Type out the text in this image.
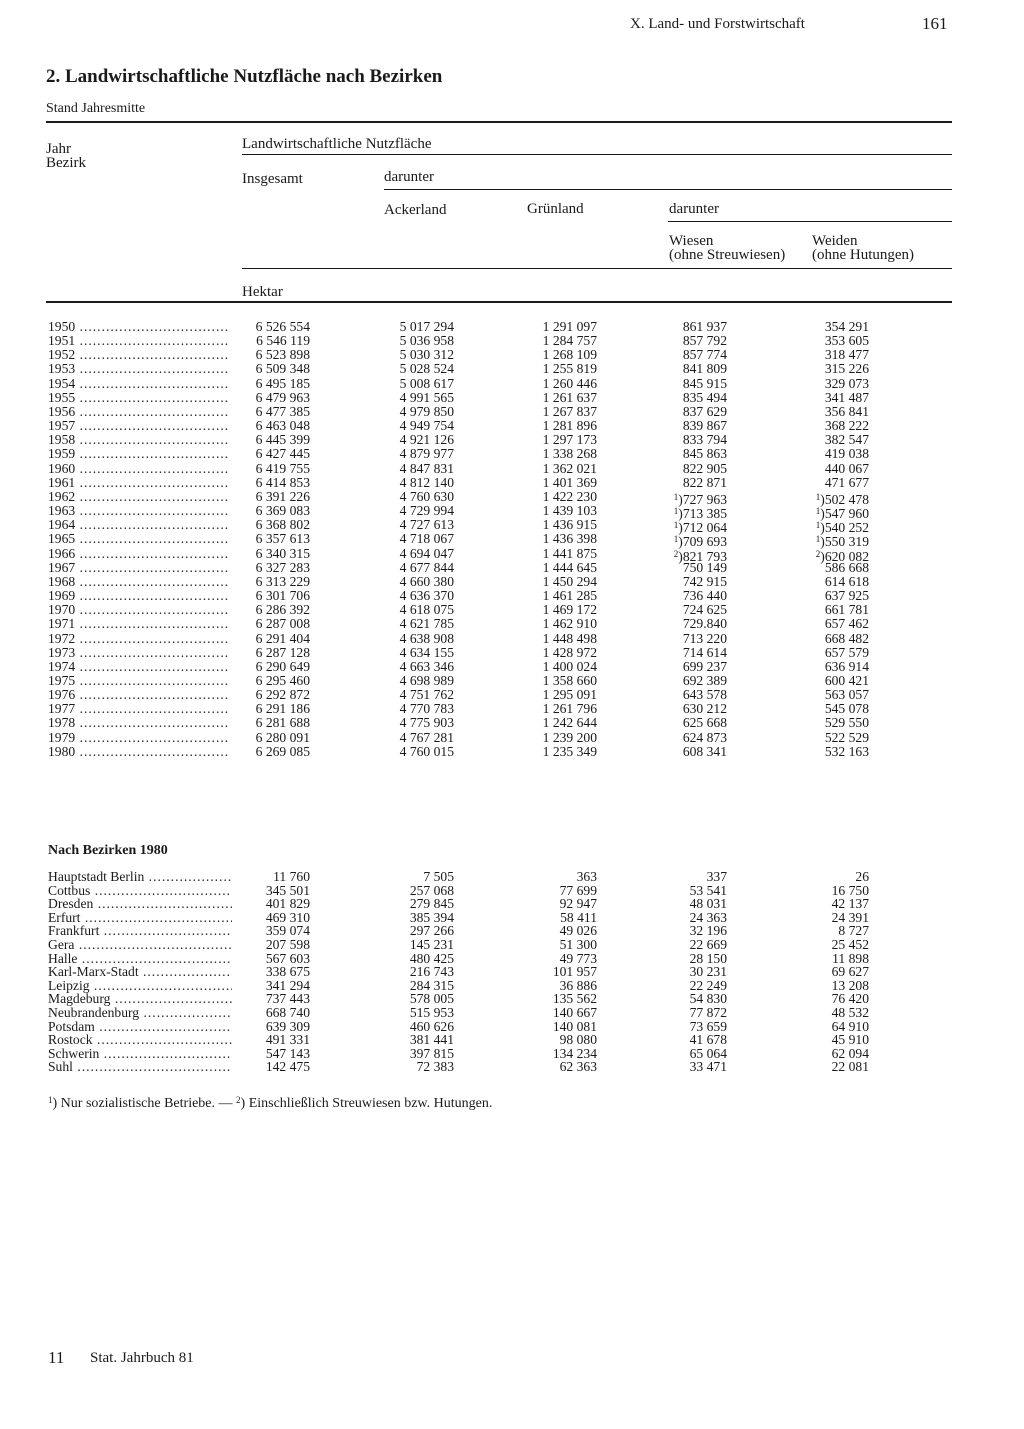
X. Land- und Forstwirtschaft	161
2. Landwirtschaftliche Nutzfläche nach Bezirken
Stand Jahresmitte
Jahr
Bezirk
Landwirtschaftliche Nutzfläche
Insgesamt	darunter
Ackerland	Grünland	darunter
Wiesen
(ohne Streuwiesen)
Weiden
(ohne Hutungen)
Hektar
1950 .....	6 526 554	5 017 294	1 291 097	861 937	354 291
1951 .....	6 546 119	5 036 958	1 284 757	857 792	353 605
1952 .....	6 523 898	5 030 312	1 268 109	857 774	318 477
1953 .....	6 509 348	5 028 524	1 255 819	841 809	315 226
1954 .....	6 495 185	5 008 617	1 260 446	845 915	329 073
1955 .....	6 479 963	4 991 565	1 261 637	835 494	341 487
1956 .....	6 477 385	4 979 850	1 267 837	837 629	356 841
1957 .....	6 463 048	4 949 754	1 281 896	839 867	368 222
1958 .....	6 445 399	4 921 126	1 297 173	833 794	382 547
1959 .....	6 427 445	4 879 977	1 338 268	845 863	419 038
1960 .....	6 419 755	4 847 831	1 362 021	822 905	440 067
1961 .....	6 414 853	4 812 140	1 401 369	822 871	471 677
1962 .....	6 391 226	4 760 630	1 422 230	$^1$)727 963	$^1$)502 478
1963 .....	6 369 083	4 729 994	1 439 103	$^1$)713 385	$^1$)547 960
1964 .....	6 368 802	4 727 613	1 436 915	$^1$)712 064	$^1$)540 252
1965 .....	6 357 613	4 718 067	1 436 398	$^1$)709 693	$^1$)550 319
1966 .....	6 340 315	4 694 047	1 441 875	$^2$)821 793	$^2$)620 082
1967 .....	6 327 283	4 677 844	1 444 645	750 149	586 668
1968 .....	6 313 229	4 660 380	1 450 294	742 915	614 618
1969 .....	6 301 706	4 636 370	1 461 285	736 440	637 925
1970 .....	6 286 392	4 618 075	1 469 172	724 625	661 781
1971 .....	6 287 008	4 621 785	1 462 910	729.840	657 462
1972 .....	6 291 404	4 638 908	1 448 498	713 220	668 482
1973 .....	6 287 128	4 634 155	1 428 972	714 614	657 579
1974 .....	6 290 649	4 663 346	1 400 024	699 237	636 914
1975 .....	6 295 460	4 698 989	1 358 660	692 389	600 421
1976 .....	6 292 872	4 751 762	1 295 091	643 578	563 057
1977 .....	6 291 186	4 770 783	1 261 796	630 212	545 078
1978 .....	6 281 688	4 775 903	1 242 644	625 668	529 550
1979 .....	6 280 091	4 767 281	1 239 200	624 873	522 529
1980 .....	6 269 085	4 760 015	1 235 349	608 341	532 163
Nach Bezirken 1980
Hauptstadt Berlin .....	11 760	7 505	363	337	26
Cottbus .....	345 501	257 068	77 699	53 541	16 750
Dresden .....	401 829	279 845	92 947	48 031	42 137
Erfurt .....	469 310	385 394	58 411	24 363	24 391
Frankfurt .....	359 074	297 266	49 026	32 196	8 727
Gera .....	207 598	145 231	51 300	22 669	25 452
Halle .....	567 603	480 425	49 773	28 150	11 898
Karl-Marx-Stadt .....	338 675	216 743	101 957	30 231	69 627
Leipzig .....	341 294	284 315	36 886	22 249	13 208
Magdeburg .....	737 443	578 005	135 562	54 830	76 420
Neubrandenburg .....	668 740	515 953	140 667	77 872	48 532
Potsdam .....	639 309	460 626	140 081	73 659	64 910
Rostock .....	491 331	381 441	98 080	41 678	45 910
Schwerin .....	547 143	397 815	134 234	65 064	62 094
Suhl .....	142 475	72 383	62 363	33 471	22 081
$^1$) Nur sozialistische Betriebe. — $^2$) Einschließlich Streuwiesen bzw. Hutungen.
11 Stat. Jahrbuch 81
